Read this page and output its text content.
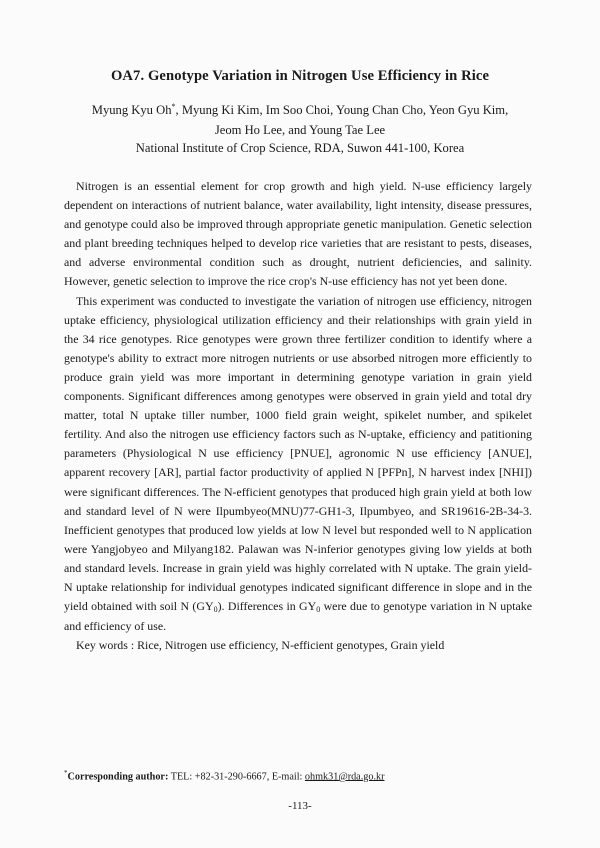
OA7. Genotype Variation in Nitrogen Use Efficiency in Rice
Myung Kyu Oh*, Myung Ki Kim, Im Soo Choi, Young Chan Cho, Yeon Gyu Kim,
Jeom Ho Lee, and Young Tae Lee
National Institute of Crop Science, RDA, Suwon 441-100, Korea

Nitrogen is an essential element for crop growth and high yield. N-use efficiency largely dependent on interactions of nutrient balance, water availability, light intensity, disease pressures, and genotype could also be improved through appropriate genetic manipulation. Genetic selection and plant breeding techniques helped to develop rice varieties that are resistant to pests, diseases, and adverse environmental condition such as drought, nutrient deficiencies, and salinity. However, genetic selection to improve the rice crop's N-use efficiency has not yet been done.

This experiment was conducted to investigate the variation of nitrogen use efficiency, nitrogen uptake efficiency, physiological utilization efficiency and their relationships with grain yield in the 34 rice genotypes. Rice genotypes were grown three fertilizer condition to identify where a genotype's ability to extract more nitrogen nutrients or use absorbed nitrogen more efficiently to produce grain yield was more important in determining genotype variation in grain yield components. Significant differences among genotypes were observed in grain yield and total dry matter, total N uptake tiller number, 1000 field grain weight, spikelet number, and spikelet fertility. And also the nitrogen use efficiency factors such as N-uptake, efficiency and patitioning parameters (Physiological N use efficiency [PNUE], agronomic N use efficiency [ANUE], apparent recovery [AR], partial factor productivity of applied N [PFPn], N harvest index [NHI]) were significant differences. The N-efficient genotypes that produced high grain yield at both low and standard level of N were Ilpumbyeo(MNU)77-GH1-3, Ilpumbyeo, and SR19616-2B-34-3. Inefficient genotypes that produced low yields at low N level but responded well to N application were Yangjobyeo and Milyang182. Palawan was N-inferior genotypes giving low yields at both and standard levels. Increase in grain yield was highly correlated with N uptake. The grain yield-N uptake relationship for individual genotypes indicated significant difference in slope and in the yield obtained with soil N $(GY_0)$. Differences in $GY_0$ were due to genotype variation in N uptake and efficiency of use.

Key words : Rice, Nitrogen use efficiency, N-efficient genotypes, Grain yield

*Corresponding author: TEL: +82-31-290-6667, E-mail: ohmk31@rda.go.kr
-113-
